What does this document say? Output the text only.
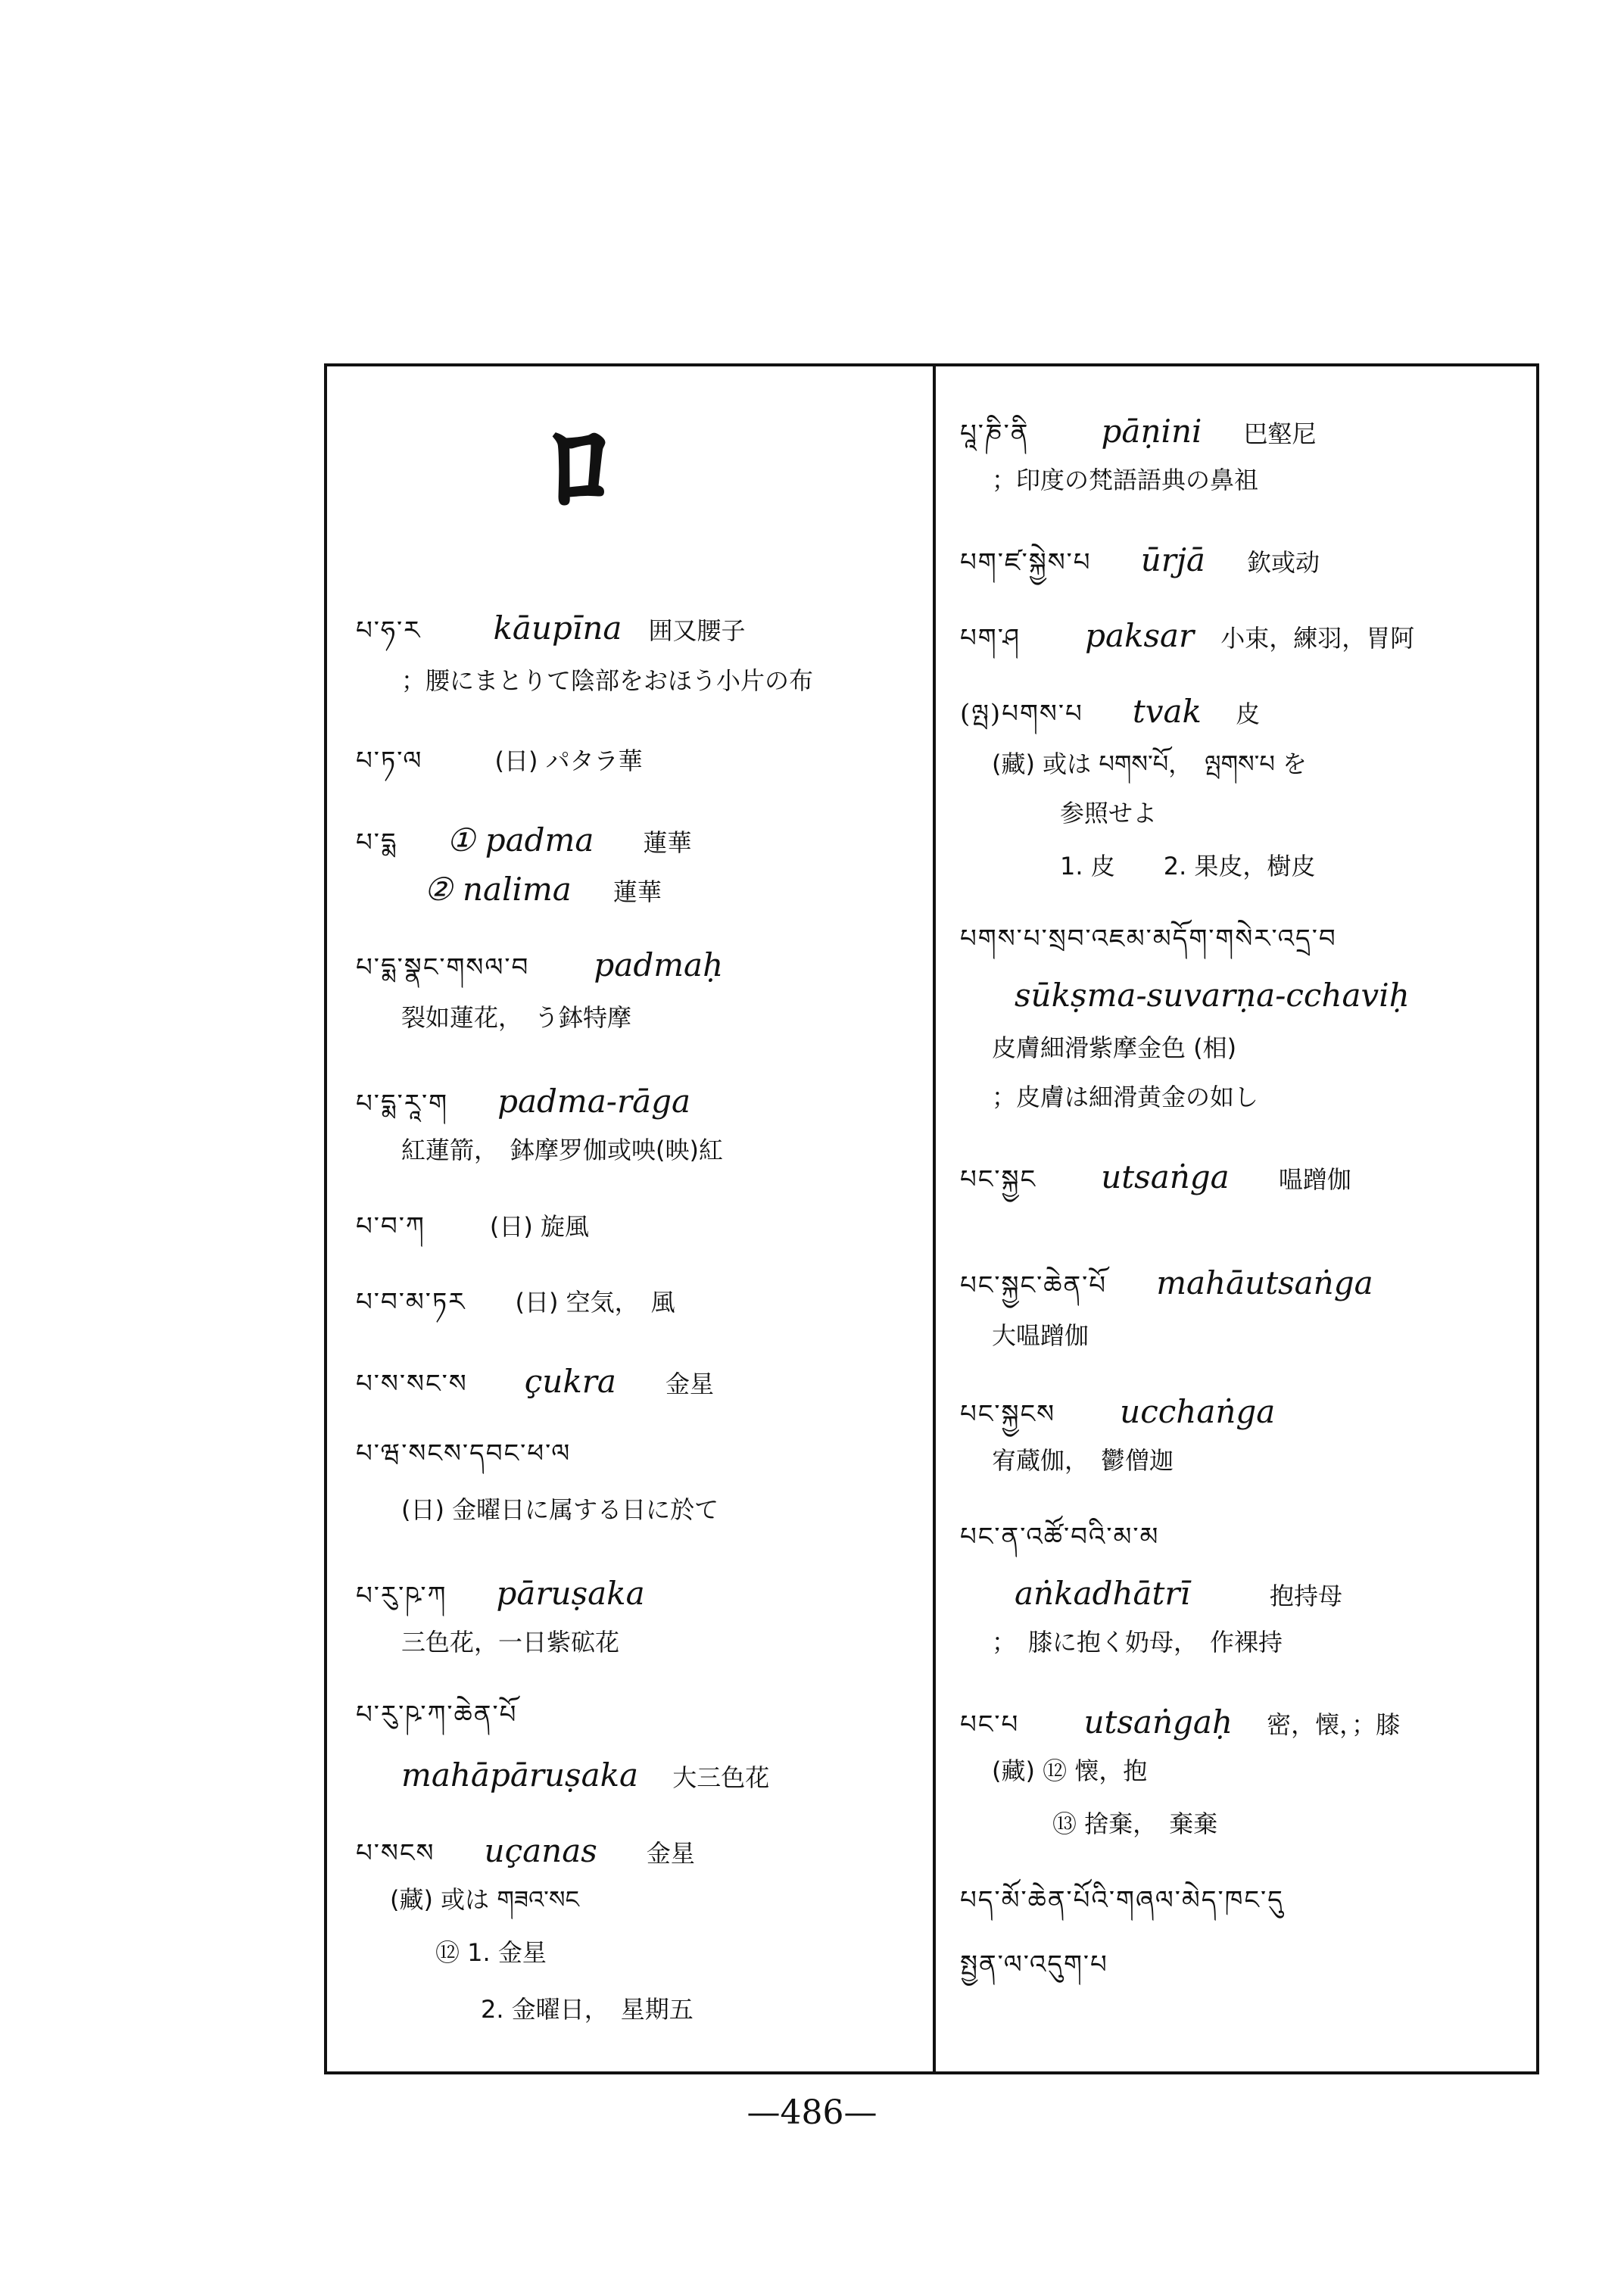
ﾛ
པ་ཧ་ར kāupīna 囲又腰子
；腰にまとりて陰部をおほう小片の布
པ་ཏ་ལ	(日) パタラ華
པ་དྨ ① padma 蓮華
② nalima 蓮華
པ་དྨ་སྣང་གསལ་བ padmaḥ
裂如蓮花，　う鉢特摩
པ་དྨ་རཱ་ག padma-rāga
紅蓮箭，　鉢摩罗伽或咉(映)紅
པ་བ་ཀ	(日) 旋風
པ་བ་མ་ཏར (日) 空気，　風
པ་ས་སང་ས çukra 金星
པ་ཝ་སངས་དབང་ཕ་ལ
(日) 金曜日に属する日に於て
པ་རུ་ཥ་ཀ pāruṣaka
三色花，一日紫砿花
པ་རུ་ཥ་ཀ་ཆེན་པོ
mahāpāruṣaka 大三色花
པ་སངས uçanas 金星
(藏) 或は གཟའ་སང
⑫ 1. 金星
2. 金曜日，　星期五
པཱ་ཎི་ནི pāṇini 巴壑尼
；印度の梵語語典の鼻祖
པག་ཛ་སྐྱེས་པ ūrjā 欽或动
པག་ཤ paksar 小束，練羽，胃阿
(ལྤ)པགས་པ tvak 皮
(藏) 或は པགས་པོ，　ལྤགས་པ を
参照せよ
1. 皮　　2. 果皮，樹皮
པགས་པ་སྲབ་འཇམ་མདོག་གསེར་འདྲ་བ
sūkṣma-suvarṇa-cchaviḥ
皮膚細滑紫摩金色 (相)
；皮膚は細滑黄金の如し
པང་སྐྱང utsaṅga 嗢蹭伽
པང་སྐྱང་ཆེན་པོ mahāutsaṅga
大嗢蹭伽
པང་སྐྱངས ucchaṅga
宥蔵伽，　鬱僧迦
པང་ན་འཚོ་བའི་མ་མ
aṅkadhātrī	抱持母
；　膝に抱く奶母，　作裸持
པང་པ utsaṅgaḥ 密，懐，；膝
(藏) ⑫ 懐，抱
⑬ 捨棄，　棄棄
པད་མོ་ཆེན་པོའི་གཞལ་མེད་ཁང་དུ
སྤྱན་ལ་འདུག་པ
—486—
